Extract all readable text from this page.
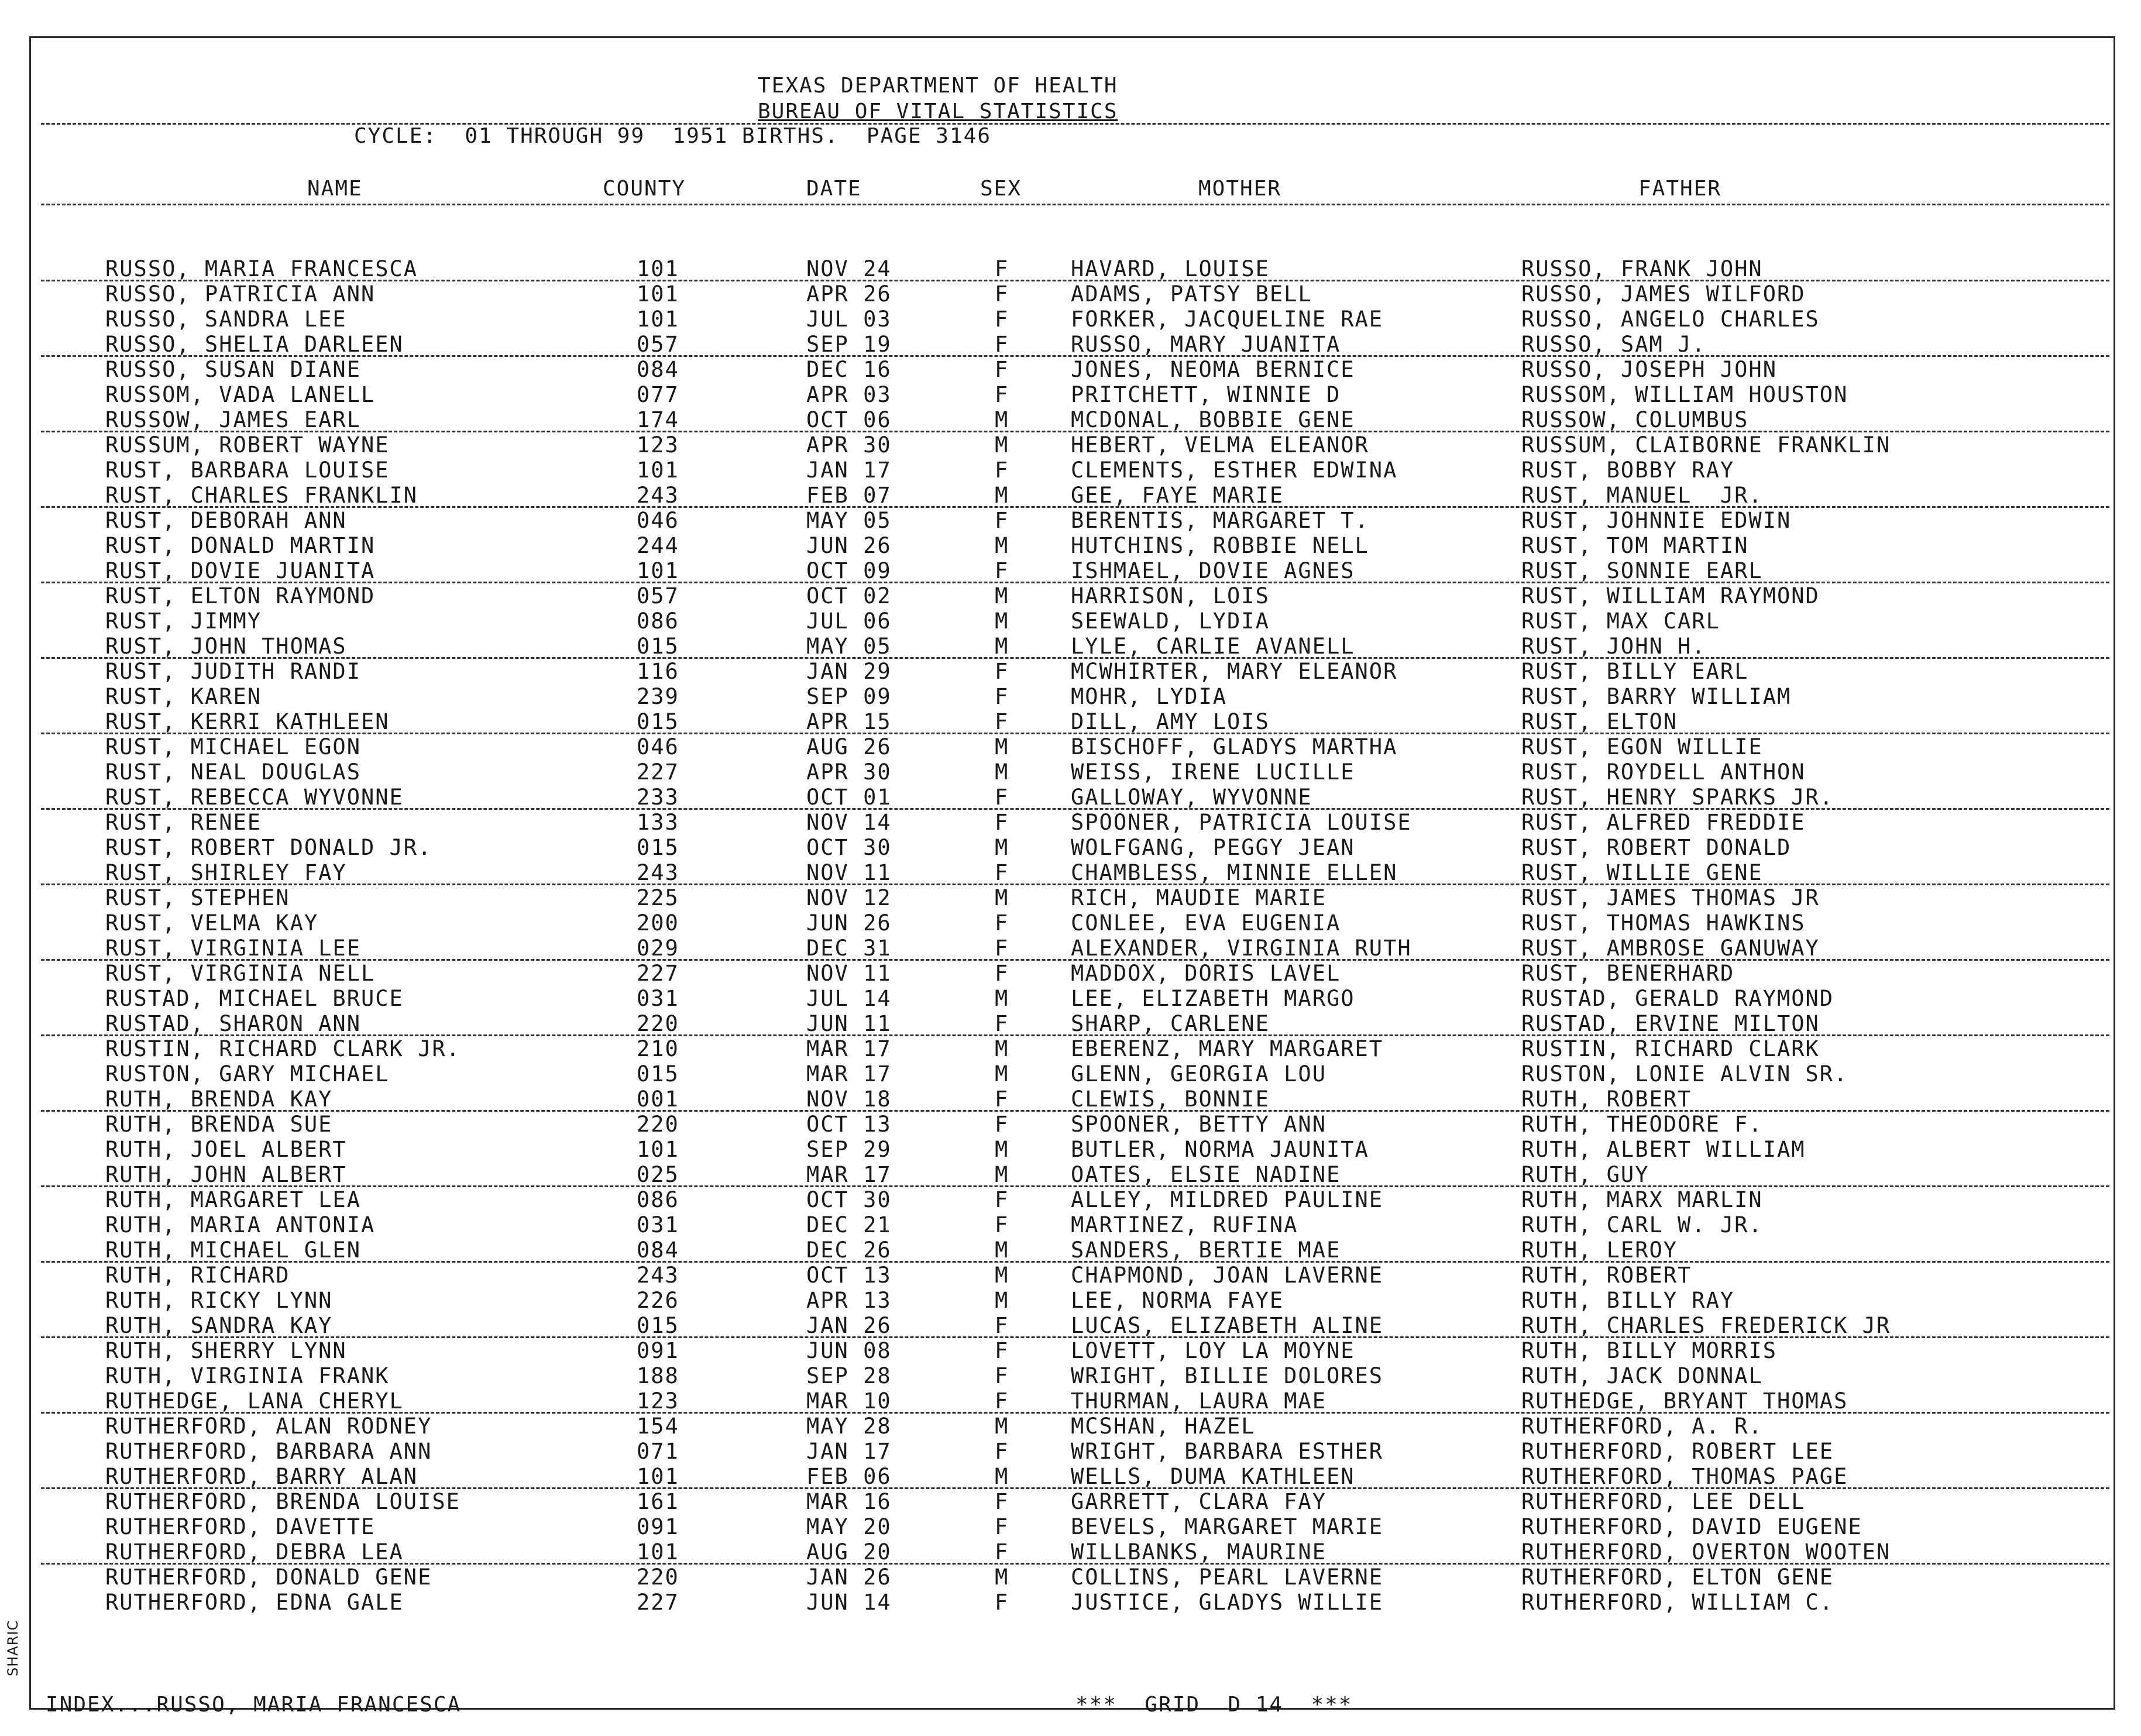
TEXAS DEPARTMENT OF HEALTH
BUREAU OF VITAL STATISTICS
CYCLE:  01 THROUGH 99  1951 BIRTHS.  PAGE 3146
NAME	COUNTY	DATE	SEX	MOTHER	FATHER
RUSSO, MARIA FRANCESCA	101	NOV 24	F	HAVARD, LOUISE	RUSSO, FRANK JOHN
RUSSO, PATRICIA ANN	101	APR 26	F	ADAMS, PATSY BELL	RUSSO, JAMES WILFORD
RUSSO, SANDRA LEE	101	JUL 03	F	FORKER, JACQUELINE RAE	RUSSO, ANGELO CHARLES
RUSSO, SHELIA DARLEEN	057	SEP 19	F	RUSSO, MARY JUANITA	RUSSO, SAM J.
RUSSO, SUSAN DIANE	084	DEC 16	F	JONES, NEOMA BERNICE	RUSSO, JOSEPH JOHN
RUSSOM, VADA LANELL	077	APR 03	F	PRITCHETT, WINNIE D	RUSSOM, WILLIAM HOUSTON
RUSSOW, JAMES EARL	174	OCT 06	M	MCDONAL, BOBBIE GENE	RUSSOW, COLUMBUS
RUSSUM, ROBERT WAYNE	123	APR 30	M	HEBERT, VELMA ELEANOR	RUSSUM, CLAIBORNE FRANKLIN
RUST, BARBARA LOUISE	101	JAN 17	F	CLEMENTS, ESTHER EDWINA	RUST, BOBBY RAY
RUST, CHARLES FRANKLIN	243	FEB 07	M	GEE, FAYE MARIE	RUST, MANUEL  JR.
RUST, DEBORAH ANN	046	MAY 05	F	BERENTIS, MARGARET T.	RUST, JOHNNIE EDWIN
RUST, DONALD MARTIN	244	JUN 26	M	HUTCHINS, ROBBIE NELL	RUST, TOM MARTIN
RUST, DOVIE JUANITA	101	OCT 09	F	ISHMAEL, DOVIE AGNES	RUST, SONNIE EARL
RUST, ELTON RAYMOND	057	OCT 02	M	HARRISON, LOIS	RUST, WILLIAM RAYMOND
RUST, JIMMY	086	JUL 06	M	SEEWALD, LYDIA	RUST, MAX CARL
RUST, JOHN THOMAS	015	MAY 05	M	LYLE, CARLIE AVANELL	RUST, JOHN H.
RUST, JUDITH RANDI	116	JAN 29	F	MCWHIRTER, MARY ELEANOR	RUST, BILLY EARL
RUST, KAREN	239	SEP 09	F	MOHR, LYDIA	RUST, BARRY WILLIAM
RUST, KERRI KATHLEEN	015	APR 15	F	DILL, AMY LOIS	RUST, ELTON
RUST, MICHAEL EGON	046	AUG 26	M	BISCHOFF, GLADYS MARTHA	RUST, EGON WILLIE
RUST, NEAL DOUGLAS	227	APR 30	M	WEISS, IRENE LUCILLE	RUST, ROYDELL ANTHON
RUST, REBECCA WYVONNE	233	OCT 01	F	GALLOWAY, WYVONNE	RUST, HENRY SPARKS JR.
RUST, RENEE	133	NOV 14	F	SPOONER, PATRICIA LOUISE	RUST, ALFRED FREDDIE
RUST, ROBERT DONALD JR.	015	OCT 30	M	WOLFGANG, PEGGY JEAN	RUST, ROBERT DONALD
RUST, SHIRLEY FAY	243	NOV 11	F	CHAMBLESS, MINNIE ELLEN	RUST, WILLIE GENE
RUST, STEPHEN	225	NOV 12	M	RICH, MAUDIE MARIE	RUST, JAMES THOMAS JR
RUST, VELMA KAY	200	JUN 26	F	CONLEE, EVA EUGENIA	RUST, THOMAS HAWKINS
RUST, VIRGINIA LEE	029	DEC 31	F	ALEXANDER, VIRGINIA RUTH	RUST, AMBROSE GANUWAY
RUST, VIRGINIA NELL	227	NOV 11	F	MADDOX, DORIS LAVEL	RUST, BENERHARD
RUSTAD, MICHAEL BRUCE	031	JUL 14	M	LEE, ELIZABETH MARGO	RUSTAD, GERALD RAYMOND
RUSTAD, SHARON ANN	220	JUN 11	F	SHARP, CARLENE	RUSTAD, ERVINE MILTON
RUSTIN, RICHARD CLARK JR.	210	MAR 17	M	EBERENZ, MARY MARGARET	RUSTIN, RICHARD CLARK
RUSTON, GARY MICHAEL	015	MAR 17	M	GLENN, GEORGIA LOU	RUSTON, LONIE ALVIN SR.
RUTH, BRENDA KAY	001	NOV 18	F	CLEWIS, BONNIE	RUTH, ROBERT
RUTH, BRENDA SUE	220	OCT 13	F	SPOONER, BETTY ANN	RUTH, THEODORE F.
RUTH, JOEL ALBERT	101	SEP 29	M	BUTLER, NORMA JAUNITA	RUTH, ALBERT WILLIAM
RUTH, JOHN ALBERT	025	MAR 17	M	OATES, ELSIE NADINE	RUTH, GUY
RUTH, MARGARET LEA	086	OCT 30	F	ALLEY, MILDRED PAULINE	RUTH, MARX MARLIN
RUTH, MARIA ANTONIA	031	DEC 21	F	MARTINEZ, RUFINA	RUTH, CARL W. JR.
RUTH, MICHAEL GLEN	084	DEC 26	M	SANDERS, BERTIE MAE	RUTH, LEROY
RUTH, RICHARD	243	OCT 13	M	CHAPMOND, JOAN LAVERNE	RUTH, ROBERT
RUTH, RICKY LYNN	226	APR 13	M	LEE, NORMA FAYE	RUTH, BILLY RAY
RUTH, SANDRA KAY	015	JAN 26	F	LUCAS, ELIZABETH ALINE	RUTH, CHARLES FREDERICK JR
RUTH, SHERRY LYNN	091	JUN 08	F	LOVETT, LOY LA MOYNE	RUTH, BILLY MORRIS
RUTH, VIRGINIA FRANK	188	SEP 28	F	WRIGHT, BILLIE DOLORES	RUTH, JACK DONNAL
RUTHEDGE, LANA CHERYL	123	MAR 10	F	THURMAN, LAURA MAE	RUTHEDGE, BRYANT THOMAS
RUTHERFORD, ALAN RODNEY	154	MAY 28	M	MCSHAN, HAZEL	RUTHERFORD, A. R.
RUTHERFORD, BARBARA ANN	071	JAN 17	F	WRIGHT, BARBARA ESTHER	RUTHERFORD, ROBERT LEE
RUTHERFORD, BARRY ALAN	101	FEB 06	M	WELLS, DUMA KATHLEEN	RUTHERFORD, THOMAS PAGE
RUTHERFORD, BRENDA LOUISE	161	MAR 16	F	GARRETT, CLARA FAY	RUTHERFORD, LEE DELL
RUTHERFORD, DAVETTE	091	MAY 20	F	BEVELS, MARGARET MARIE	RUTHERFORD, DAVID EUGENE
RUTHERFORD, DEBRA LEA	101	AUG 20	F	WILLBANKS, MAURINE	RUTHERFORD, OVERTON WOOTEN
RUTHERFORD, DONALD GENE	220	JAN 26	M	COLLINS, PEARL LAVERNE	RUTHERFORD, ELTON GENE
RUTHERFORD, EDNA GALE	227	JUN 14	F	JUSTICE, GLADYS WILLIE	RUTHERFORD, WILLIAM C.
INDEX...RUSSO, MARIA FRANCESCA	***  GRID  D 14  ***
SHARIC
